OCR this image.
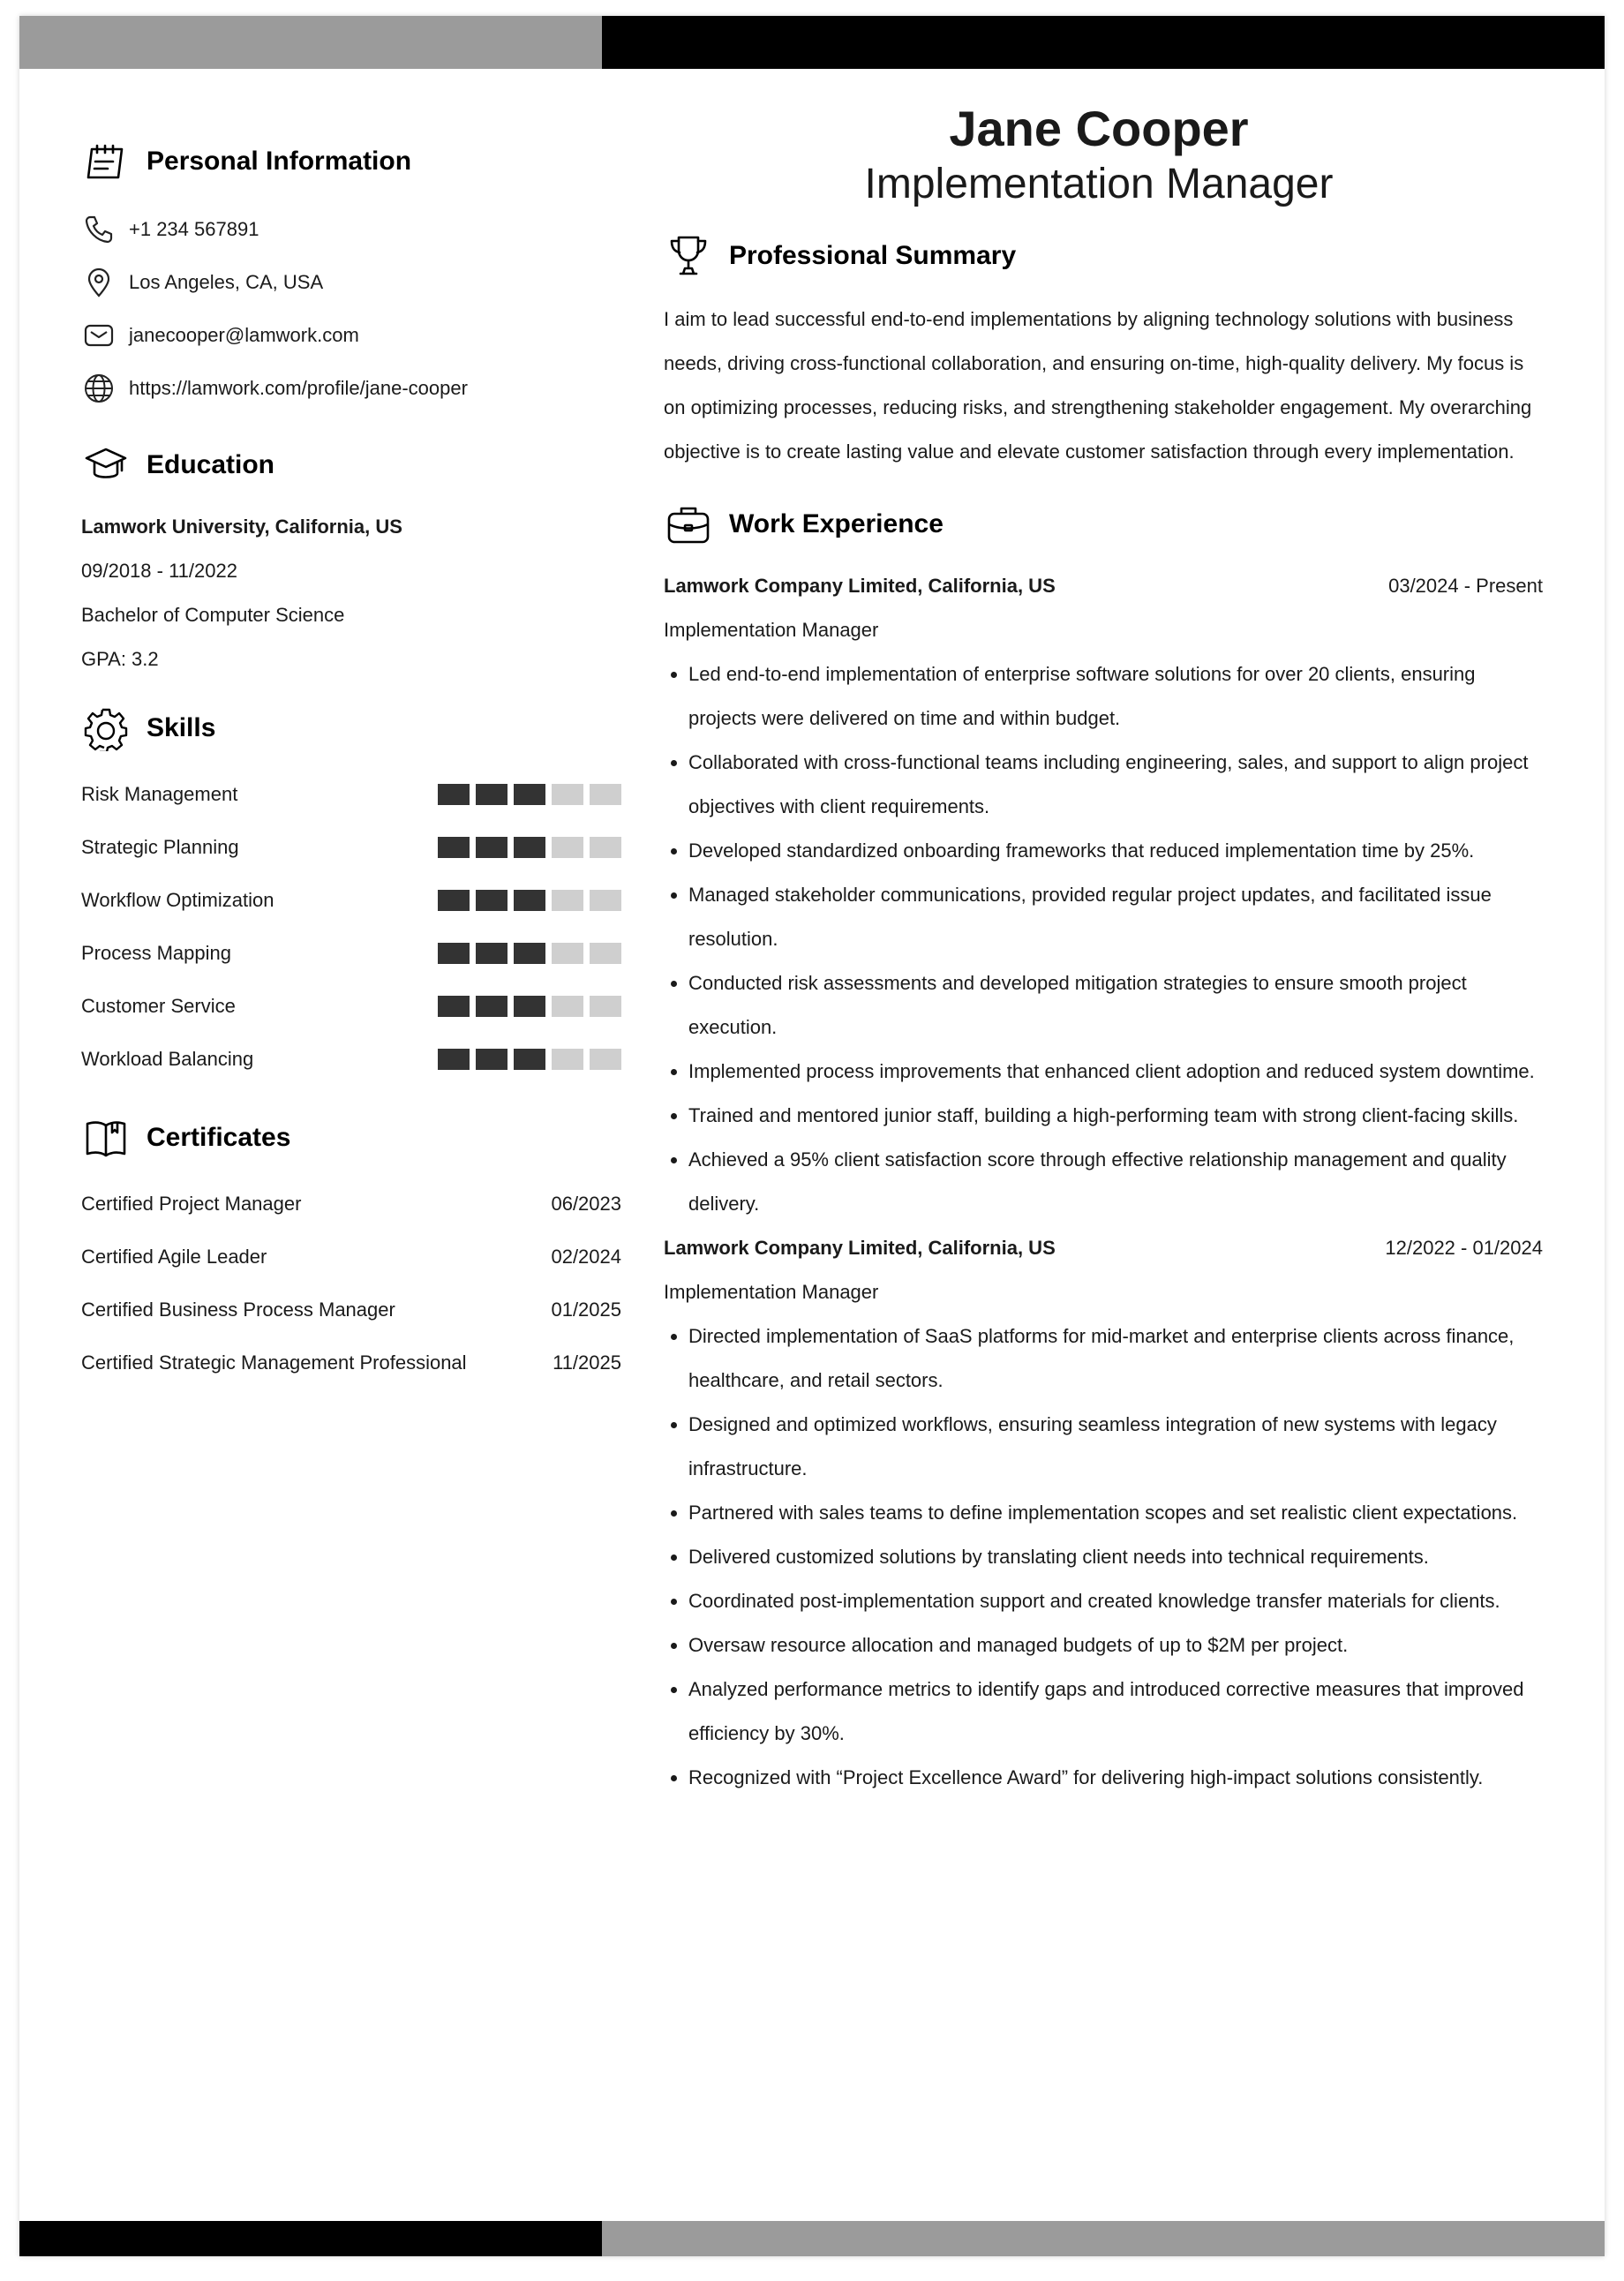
Personal Information
+1 234 567891
Los Angeles, CA, USA
janecooper@lamwork.com
https://lamwork.com/profile/jane-cooper
Education
Lamwork University, California, US
09/2018 - 11/2022
Bachelor of Computer Science
GPA: 3.2
Skills
Risk Management
Strategic Planning
Workflow Optimization
Process Mapping
Customer Service
Workload Balancing
Certificates
Certified Project Manager	06/2023
Certified Agile Leader	02/2024
Certified Business Process Manager	01/2025
Certified Strategic Management Professional	11/2025
Jane Cooper
Implementation Manager
Professional Summary
I aim to lead successful end-to-end implementations by aligning technology solutions with business needs, driving cross-functional collaboration, and ensuring on-time, high-quality delivery. My focus is on optimizing processes, reducing risks, and strengthening stakeholder engagement. My overarching objective is to create lasting value and elevate customer satisfaction through every implementation.
Work Experience
Lamwork Company Limited, California, US	03/2024 - Present
Implementation Manager
• Led end-to-end implementation of enterprise software solutions for over 20 clients, ensuring projects were delivered on time and within budget.
• Collaborated with cross-functional teams including engineering, sales, and support to align project objectives with client requirements.
• Developed standardized onboarding frameworks that reduced implementation time by 25%.
• Managed stakeholder communications, provided regular project updates, and facilitated issue resolution.
• Conducted risk assessments and developed mitigation strategies to ensure smooth project execution.
• Implemented process improvements that enhanced client adoption and reduced system downtime.
• Trained and mentored junior staff, building a high-performing team with strong client-facing skills.
• Achieved a 95% client satisfaction score through effective relationship management and quality delivery.
Lamwork Company Limited, California, US	12/2022 - 01/2024
Implementation Manager
• Directed implementation of SaaS platforms for mid-market and enterprise clients across finance, healthcare, and retail sectors.
• Designed and optimized workflows, ensuring seamless integration of new systems with legacy infrastructure.
• Partnered with sales teams to define implementation scopes and set realistic client expectations.
• Delivered customized solutions by translating client needs into technical requirements.
• Coordinated post-implementation support and created knowledge transfer materials for clients.
• Oversaw resource allocation and managed budgets of up to $2M per project.
• Analyzed performance metrics to identify gaps and introduced corrective measures that improved efficiency by 30%.
• Recognized with “Project Excellence Award” for delivering high-impact solutions consistently.
